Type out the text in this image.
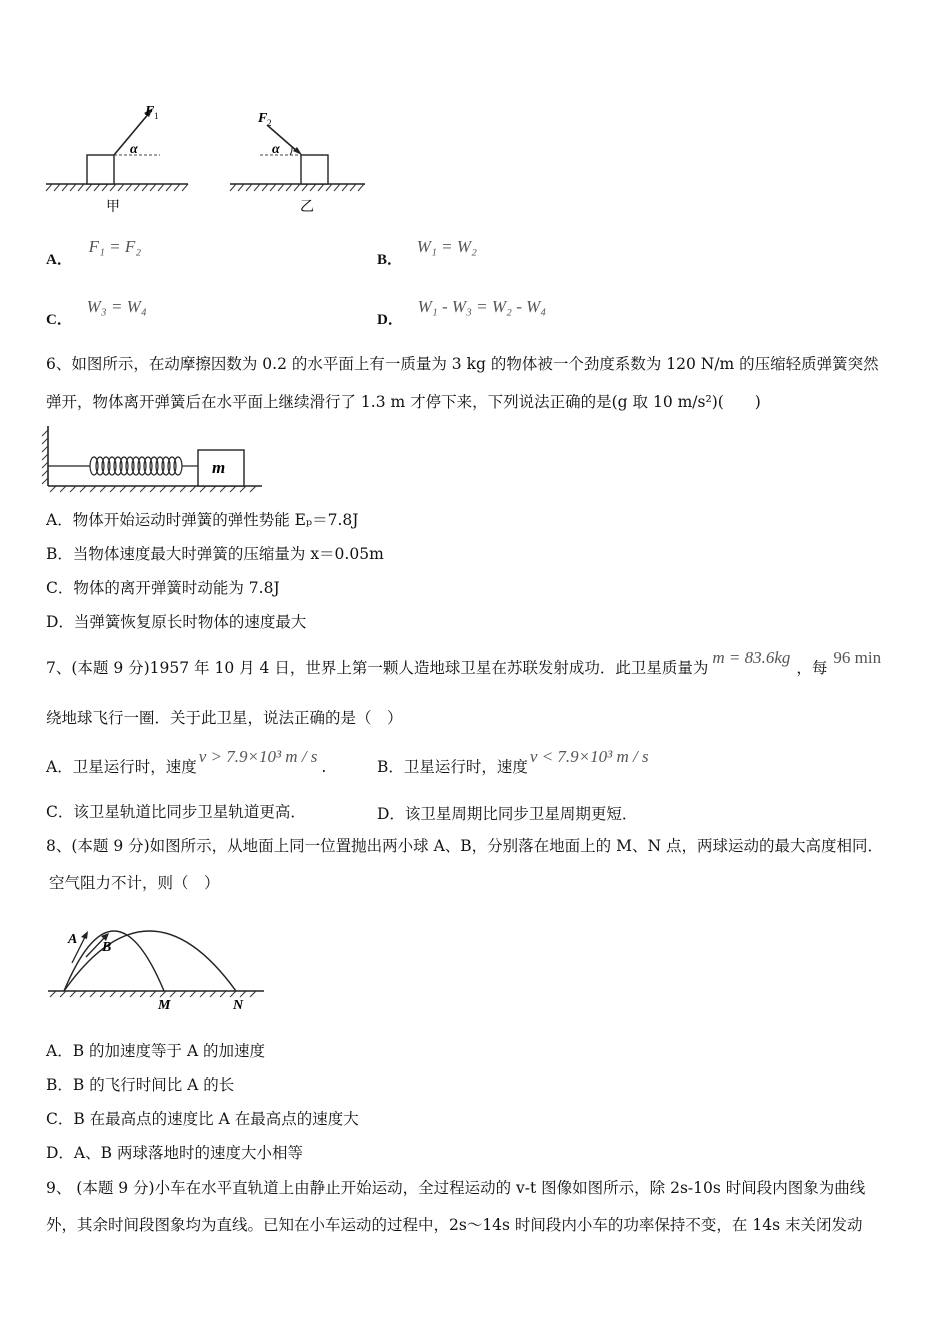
F 1
α
甲
F 2
α
乙
A． F₁ = F₂
B． W₁ = W₂
C． W₃ = W₄
D． W₁ - W₃ = W₂ - W₄
6、如图所示，在动摩擦因数为 0.2 的水平面上有一质量为 3 kg 的物体被一个劲度系数为 120 N/m 的压缩轻质弹簧突然
弹开，物体离开弹簧后在水平面上继续滑行了 1.3 m 才停下来，下列说法正确的是(g 取 10 m/s²)(　　)
m
A．物体开始运动时弹簧的弹性势能 Eₚ＝7.8J
B．当物体速度最大时弹簧的压缩量为 x＝0.05m
C．物体的离开弹簧时动能为 7.8J
D．当弹簧恢复原长时物体的速度最大
7、(本题 9 分)1957 年 10 月 4 日，世界上第一颗人造地球卫星在苏联发射成功．此卫星质量为m = 83.6kg，每96 min
绕地球飞行一圈．关于此卫星，说法正确的是（　）
A．卫星运行时，速度v > 7.9×10³ m / s.	B．卫星运行时，速度v < 7.9×10³ m / s
C．该卫星轨道比同步卫星轨道更高．	D．该卫星周期比同步卫星周期更短．
8、(本题 9 分)如图所示，从地面上同一位置抛出两小球 A、B，分别落在地面上的 M、N 点，两球运动的最大高度相同．
空气阻力不计，则（　）
A
B
M	N
A．B 的加速度等于 A 的加速度
B．B 的飞行时间比 A 的长
C．B 在最高点的速度比 A 在最高点的速度大
D．A、B 两球落地时的速度大小相等
9、 (本题 9 分)小车在水平直轨道上由静止开始运动，全过程运动的 v-t 图像如图所示，除 2s-10s 时间段内图象为曲线
外，其余时间段图象均为直线。已知在小车运动的过程中，2s～14s 时间段内小车的功率保持不变，在 14s 末关闭发动
